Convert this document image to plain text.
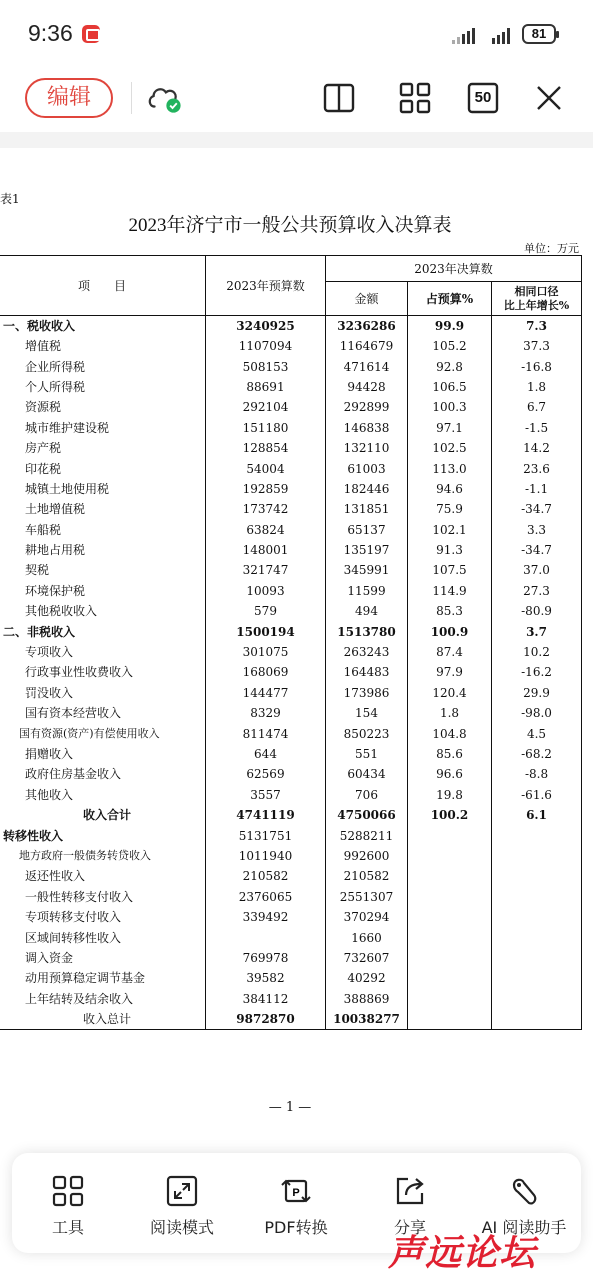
9:36	81
编辑	50
表1
2023年济宁市一般公共预算收入决算表
单位：万元
项　　目	2023年预算数	2023年决算数		
		金额	占预算%	相同口径
比上年增长%
一、税收收入	3240925	3236286	99.9	7.3
增值税	1107094	1164679	105.2	37.3
企业所得税	508153	471614	92.8	-16.8
个人所得税	88691	94428	106.5	1.8
资源税	292104	292899	100.3	6.7
城市维护建设税	151180	146838	97.1	-1.5
房产税	128854	132110	102.5	14.2
印花税	54004	61003	113.0	23.6
城镇土地使用税	192859	182446	94.6	-1.1
土地增值税	173742	131851	75.9	-34.7
车船税	63824	65137	102.1	3.3
耕地占用税	148001	135197	91.3	-34.7
契税	321747	345991	107.5	37.0
环境保护税	10093	11599	114.9	27.3
其他税收收入	579	494	85.3	-80.9
二、非税收入	1500194	1513780	100.9	3.7
专项收入	301075	263243	87.4	10.2
行政事业性收费收入	168069	164483	97.9	-16.2
罚没收入	144477	173986	120.4	29.9
国有资本经营收入	8329	154	1.8	-98.0
国有资源(资产)有偿使用收入	811474	850223	104.8	4.5
捐赠收入	644	551	85.6	-68.2
政府住房基金收入	62569	60434	96.6	-8.8
其他收入	3557	706	19.8	-61.6
收入合计	4741119	4750066	100.2	6.1
转移性收入	5131751	5288211		
地方政府一般债务转贷收入	1011940	992600		
返还性收入	210582	210582		
一般性转移支付收入	2376065	2551307		
专项转移支付收入	339492	370294		
区域间转移性收入		1660		
调入资金	769978	732607		
动用预算稳定调节基金	39582	40292		
上年结转及结余收入	384112	388869		
收入总计	9872870	10038277		
— 1 —
工具	阅读模式
P
PDF转换	分享	AI 阅读助手
声远论坛
